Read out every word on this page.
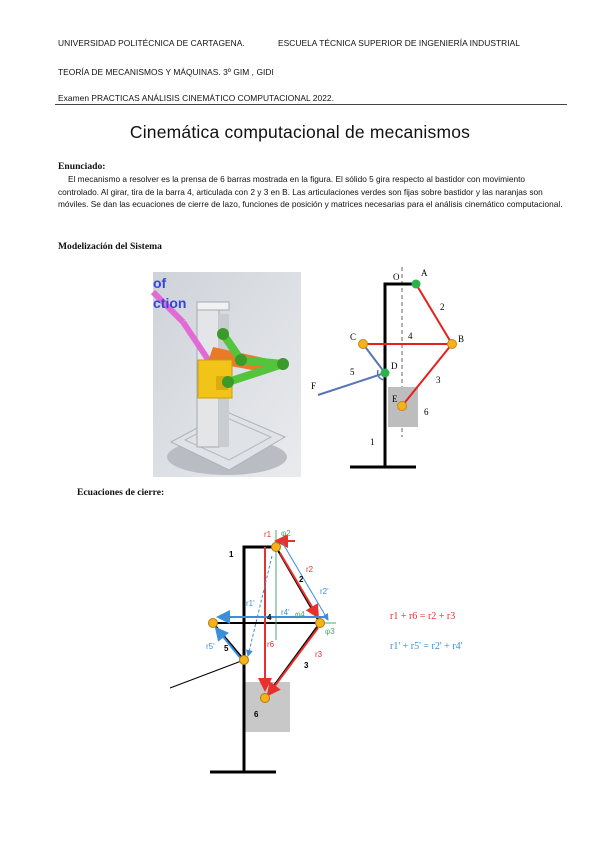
UNIVERSIDAD POLITÉCNICA DE CARTAGENA.	ESCUELA TÉCNICA SUPERIOR DE INGENIERÍA INDUSTRIAL
TEORÍA DE MECANISMOS Y MÁQUINAS. 3º GIM , GIDI
Examen PRACTICAS ANÁLISIS CINEMÁTICO COMPUTACIONAL 2022.
Cinemática computacional de mecanismos
Enunciado:

El mecanismo a resolver es la prensa de 6 barras mostrada en la figura. El sólido 5 gira respecto al bastidor con movimiento controlado. Al girar, tira de la barra 4, articulada con 2 y 3 en B. Las articulaciones verdes son fijas sobre bastidor y las naranjas son móviles. Se dan las ecuaciones de cierre de lazo, funciones de posición y matrices necesarias para el análisis cinemático computacional.

Modelización del Sistema
of
ction
O A
B
C
D
E
F
1
2
3
4
5
6
Ecuaciones de cierre:
1
2
3
4
5
6
r1
r2
r3
r6
r1'
r2'
r4'
r5'
φ2
φ3
φ4	r1 + r6 = r2 + r3
r1' + r5' = r2' + r4'
